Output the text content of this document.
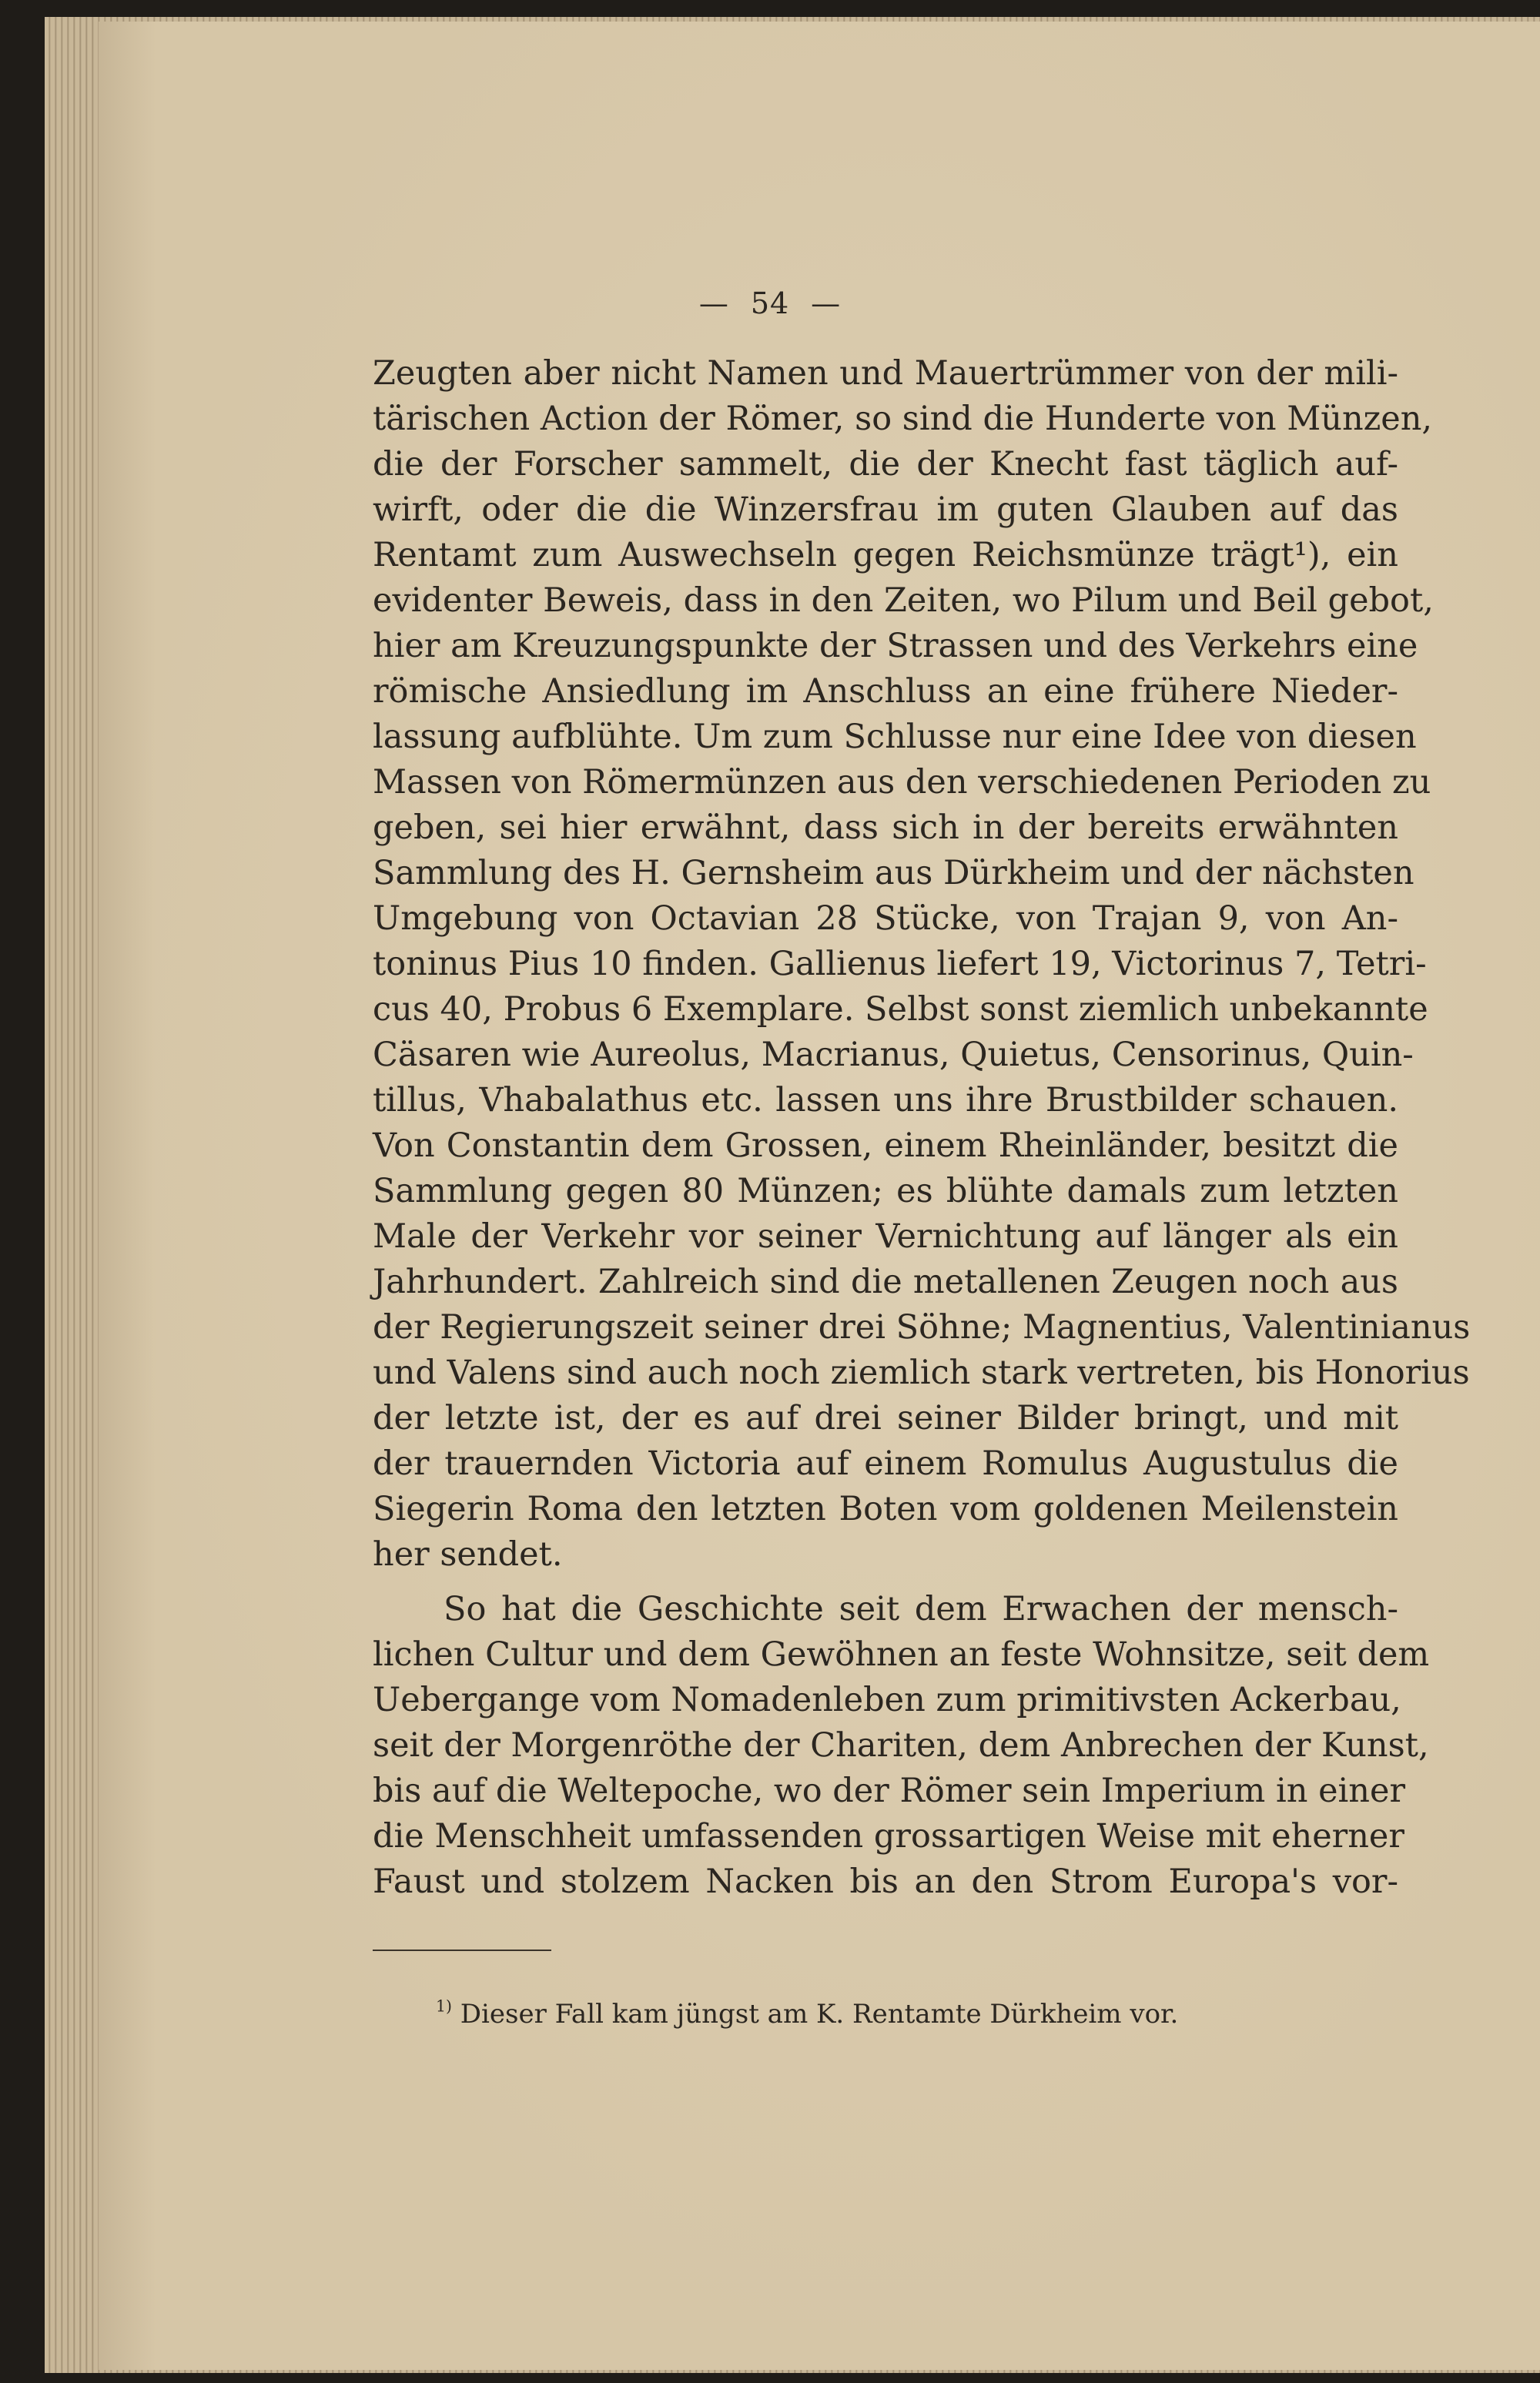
— 54 —
Zeugten aber nicht Namen und Mauertrümmer von der mili-
tärischen Action der Römer, so sind die Hunderte von Münzen,
die der Forscher sammelt, die der Knecht fast täglich auf-
wirft, oder die die Winzersfrau im guten Glauben auf das
Rentamt zum Auswechseln gegen Reichsmünze trägt¹), ein
evidenter Beweis, dass in den Zeiten, wo Pilum und Beil gebot,
hier am Kreuzungspunkte der Strassen und des Verkehrs eine
römische Ansiedlung im Anschluss an eine frühere Nieder-
lassung aufblühte. Um zum Schlusse nur eine Idee von diesen
Massen von Römermünzen aus den verschiedenen Perioden zu
geben, sei hier erwähnt, dass sich in der bereits erwähnten
Sammlung des H. Gernsheim aus Dürkheim und der nächsten
Umgebung von Octavian 28 Stücke, von Trajan 9, von An-
toninus Pius 10 finden. Gallienus liefert 19, Victorinus 7, Tetri-
cus 40, Probus 6 Exemplare. Selbst sonst ziemlich unbekannte
Cäsaren wie Aureolus, Macrianus, Quietus, Censorinus, Quin-
tillus, Vhabalathus etc. lassen uns ihre Brustbilder schauen.
Von Constantin dem Grossen, einem Rheinländer, besitzt die
Sammlung gegen 80 Münzen; es blühte damals zum letzten
Male der Verkehr vor seiner Vernichtung auf länger als ein
Jahrhundert. Zahlreich sind die metallenen Zeugen noch aus
der Regierungszeit seiner drei Söhne; Magnentius, Valentinianus
und Valens sind auch noch ziemlich stark vertreten, bis Honorius
der letzte ist, der es auf drei seiner Bilder bringt, und mit
der trauernden Victoria auf einem Romulus Augustulus die
Siegerin Roma den letzten Boten vom goldenen Meilenstein
her sendet.
So hat die Geschichte seit dem Erwachen der mensch-
lichen Cultur und dem Gewöhnen an feste Wohnsitze, seit dem
Uebergange vom Nomadenleben zum primitivsten Ackerbau,
seit der Morgenröthe der Chariten, dem Anbrechen der Kunst,
bis auf die Weltepoche, wo der Römer sein Imperium in einer
die Menschheit umfassenden grossartigen Weise mit eherner
Faust und stolzem Nacken bis an den Strom Europa's vor-
$^{1)}$ Dieser Fall kam jüngst am K. Rentamte Dürkheim vor.
